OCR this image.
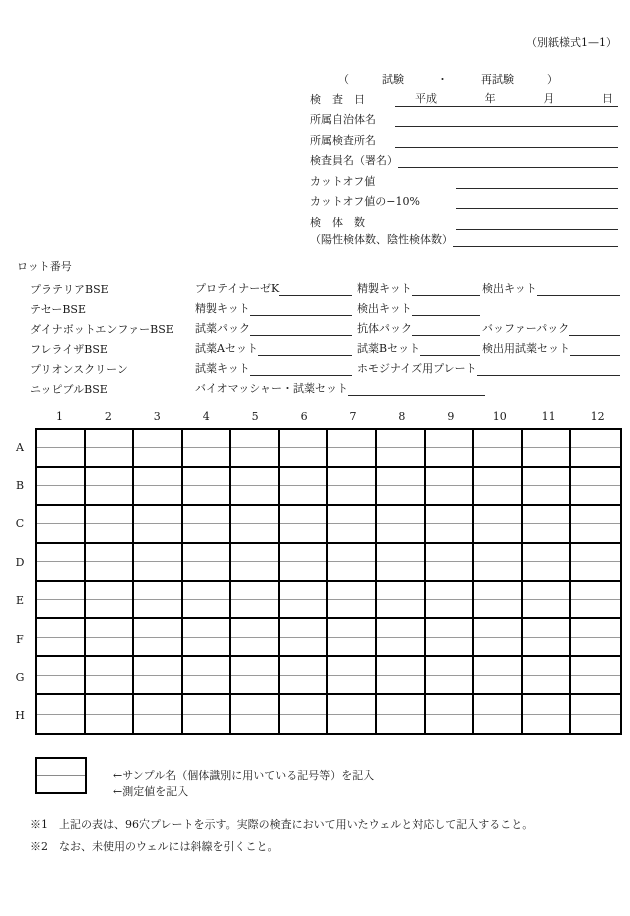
（別紙様式1—1）
（	試験	・	再試験	）
検　査　日	平成	年	月	日
所属自治体名
所属検査所名
検査員名（署名）
カットオフ値
カットオフ値の−10%
検　体　数
（陽性検体数、陰性検体数）
ロット番号
プラテリアBSE	プロテイナーゼK	精製キット	検出キット
テセーBSE	精製キット	検出キット
ダイナボットエンファーBSE 試薬パック	抗体パック	バッファーパック
フレライザBSE	試薬Aセット	試薬Bセット	検出用試薬セット
プリオンスクリーン	試薬キット	ホモジナイズ用プレート
ニッピブルBSE	バイオマッシャー・試薬セット
1	2	3	4	5	6	7	8	9	10	11	12
A
B
C
D
E
F
G
H
←サンプル名（個体識別に用いている記号等）を記入
←測定値を記入
※1　上記の表は、96穴プレートを示す。実際の検査において用いたウェルと対応して記入すること。
※2　なお、未使用のウェルには斜線を引くこと。
